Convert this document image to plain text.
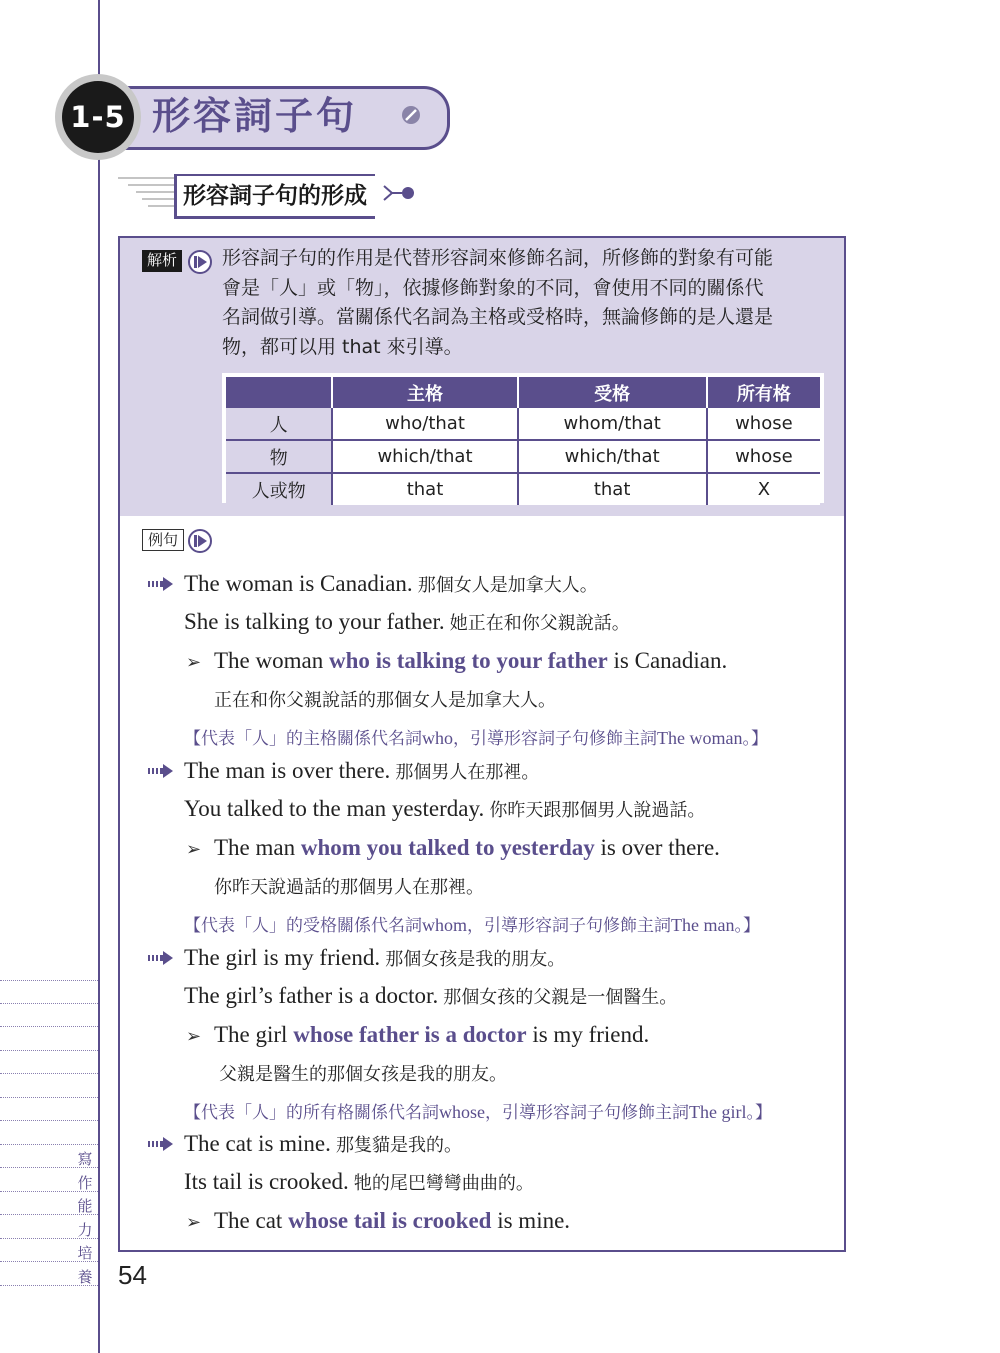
寫
作
能
力
培
養
1-5 形容詞子句
形容詞子句的形成
解析 形容詞子句的作用是代替形容詞來修飾名詞，所修飾的對象有可能
會是「人」或「物」，依據修飾對象的不同，會使用不同的關係代
名詞做引導。當關係代名詞為主格或受格時，無論修飾的是人還是
物，都可以用 that 來引導。
	主格	受格	所有格
人	who/that	whom/that	whose
物	which/that	which/that	whose
人或物	that	that	X
例句
The woman is Canadian. 那個女人是加拿大人。
She is talking to your father. 她正在和你父親說話。
➢ The woman who is talking to your father is Canadian.
正在和你父親說話的那個女人是加拿大人。
【代表「人」的主格關係代名詞who，引導形容詞子句修飾主詞The woman。】
The man is over there. 那個男人在那裡。
You talked to the man yesterday. 你昨天跟那個男人說過話。
➢ The man whom you talked to yesterday is over there.
你昨天說過話的那個男人在那裡。
【代表「人」的受格關係代名詞whom，引導形容詞子句修飾主詞The man。】
The girl is my friend. 那個女孩是我的朋友。
The girl’s father is a doctor. 那個女孩的父親是一個醫生。
➢ The girl whose father is a doctor is my friend.
父親是醫生的那個女孩是我的朋友。
【代表「人」的所有格關係代名詞whose，引導形容詞子句修飾主詞The girl。】
The cat is mine. 那隻貓是我的。
Its tail is crooked. 牠的尾巴彎彎曲曲的。
➢ The cat whose tail is crooked is mine.
54
